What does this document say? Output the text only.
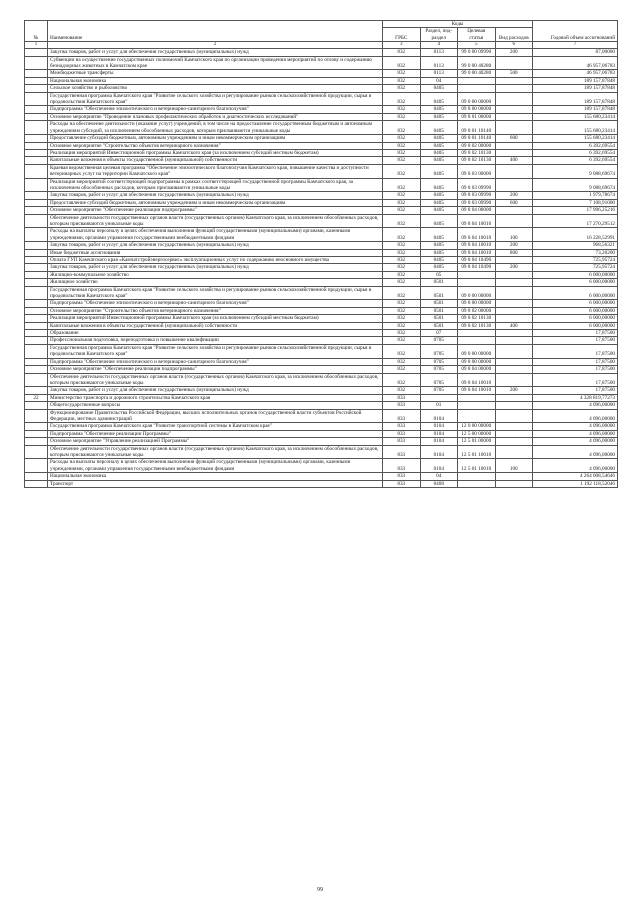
№	Наименование	Коды				Годовой объем ассигнований
		ГРБС	Раздел, под-раздел	Целевая статья	Вид расходов	
1	2	3	4	5	6	7
	Закупка товаров, работ и услуг для обеспечения государственных (муниципальных) нужд	832	0113	99 0 00 09990	200	87,00000
	Субвенции на осуществление государственных полномочий Камчатского края по организации проведения мероприятий по отлову и содержанию безнадзорных животных в Камчатском крае	832	0113	99 0 00 40280		46 957,06783
	Межбюджетные трансферты	832	0113	99 0 00 40280	500	46 957,06783
	Национальная экономика	832	04			189 157,87848
	Сельское хозяйство и рыболовство	832	0405			189 157,87848
	Государственная программа Камчатского края "Развитие сельского хозяйства и регулирование рынков сельскохозяйственной продукции, сырья и продовольствия Камчатского края"	832	0405	09 0 00 00000		189 157,87848
	Подпрограмма "Обеспечение эпизоотического и ветеринарно-санитарного благополучия"	832	0405	09 8 00 00000		189 157,87848
	Основное мероприятие "Проведение плановых профилактических обработок и диагностических исследований"	832	0405	09 8 01 00000		155 680,23414
	Расходы на обеспечение деятельности (оказание услуг) учреждений, в том числе на предоставление государственным бюджетным и автономным учреждениям субсидий, за исключением обособленных расходов, которым присваиваются уникальные коды	832	0405	09 8 01 10140		155 680,23414
	Предоставление субсидий бюджетным, автономным учреждениям и иным некоммерческим организациям	832	0405	09 8 01 10140	600	155 680,23414
	Основное мероприятие "Строительство объектов ветеринарного назначения"	832	0405	09 8 02 00000		6 392,69554
	Реализация мероприятий Инвестиционной программы Камчатского края (за исключением субсидий местным бюджетам)	832	0405	09 8 02 10130		6 392,69554
	Капитальные вложения в объекты государственной (муниципальной) собственности	832	0405	09 8 02 10130	400	6 392,69554
	Краевая ведомственная целевая программа "Обеспечение эпизоотического благополучия Камчатского края, повышение качества и доступности ветеринарных услуг на территории Камчатского края"	832	0405	09 8 03 00000		9 088,69674
	Реализация мероприятий соответствующей подпрограммы в рамках соответствующей государственной программы Камчатского края, за исключением обособленных расходов, которым присваиваются уникальные коды	832	0405	09 8 03 09990		9 088,69674
	Закупка товаров, работ и услуг для обеспечения государственных (муниципальных) нужд	832	0405	09 8 03 09990	200	1 979,78674
	Предоставление субсидий бюджетным, автономным учреждениям и иным некоммерческим организациям	832	0405	09 8 03 09990	600	7 108,91000
	Основное мероприятие "Обеспечение реализации подпрограммы"	832	0405	09 8 04 00000		17 996,25216
	Обеспечение деятельности государственных органов власти (государственных органов) Камчатского края, за исключением обособленных расходов, которым присваиваются уникальные коды	832	0405	09 8 04 10010		17 270,29512
	Расходы на выплаты персоналу в целях обеспечения выполнения функций государственными (муниципальными) органами, казенными учреждениями, органами управления государственными внебюджетными фондами	832	0405	09 8 04 10010	100	16 228,52991
	Закупка товаров, работ и услуг для обеспечения государственных (муниципальных) нужд	832	0405	09 8 04 10010	200	968,56321
	Иные бюджетные ассигнования	832	0405	09 8 04 10010	800	73,20200
	Оплата ГУП Камчатского края «Камчатстройэнергосервис» эксплуатационных услуг по содержанию неосновного имущества	832	0405	09 8 04 10490		725,95724
	Закупка товаров, работ и услуг для обеспечения государственных (муниципальных) нужд	832	0405	09 8 04 10490	200	725,95724
	Жилищно-коммунальное хозяйство	832	05			6 000,00000
	Жилищное хозяйство	832	0501			6 000,00000
	Государственная программа Камчатского края "Развитие сельского хозяйства и регулирование рынков сельскохозяйственной продукции, сырья и продовольствия Камчатского края"	832	0501	09 0 00 00000		6 000,00000
	Подпрограмма "Обеспечение эпизоотического и ветеринарно-санитарного благополучия"	832	0501	09 8 00 00000		6 000,00000
	Основное мероприятие "Строительство объектов ветеринарного назначения"	832	0501	09 8 02 00000		6 000,00000
	Реализация мероприятий Инвестиционной программы Камчатского края (за исключением субсидий местным бюджетам)	832	0501	09 8 02 10130		6 000,00000
	Капитальные вложения в объекты государственной (муниципальной) собственности	832	0501	09 8 02 10130	400	6 000,00000
	Образование	832	07			17,87500
	Профессиональная подготовка, переподготовка и повышение квалификации	832	0705			17,87500
	Государственная программа Камчатского края "Развитие сельского хозяйства и регулирование рынков сельскохозяйственной продукции, сырья и продовольствия Камчатского края"	832	0705	09 0 00 00000		17,87500
	Подпрограмма "Обеспечение эпизоотического и ветеринарно-санитарного благополучия"	832	0705	09 8 00 00000		17,87500
	Основное мероприятие "Обеспечение реализации подпрограммы"	832	0705	09 8 04 00000		17,87500
	Обеспечение деятельности государственных органов власти (государственных органов) Камчатского края, за исключением обособленных расходов, которым присваиваются уникальные коды	832	0705	09 8 04 10010		17,87500
	Закупка товаров, работ и услуг для обеспечения государственных (муниципальных) нужд	832	0705	09 8 04 10010	200	17,87500
22	Министерство транспорта и дорожного строительства Камчатского края	833				4 328 819,77273
	Общегосударственные вопросы	833	01			4 096,00000
	Функционирование Правительства Российской Федерации, высших исполнительных органов государственной власти субъектов Российской Федерации, местных администраций	833	0104			4 096,00000
	Государственная программа Камчатского края "Развитие транспортной системы в Камчатском крае"	833	0104	12 0 00 00000		4 096,00000
	Подпрограмма "Обеспечение реализации Программы"	833	0104	12 5 00 00000		4 096,00000
	Основное мероприятие "Управление реализацией Программы"	833	0104	12 5 01 00000		4 096,00000
	Обеспечение деятельности государственных органов власти (государственных органов) Камчатского края, за исключением обособленных расходов, которым присваиваются уникальные коды	833	0104	12 5 01 10010		4 096,00000
	Расходы на выплаты персоналу в целях обеспечения выполнения функций государственными (муниципальными) органами, казенными учреждениями, органами управления государственными внебюджетными фондами	833	0104	12 5 01 10010	100	4 096,00000
	Национальная экономика	833	04			4 264 008,54646
	Транспорт	833	0408			1 192 118,52046
99
